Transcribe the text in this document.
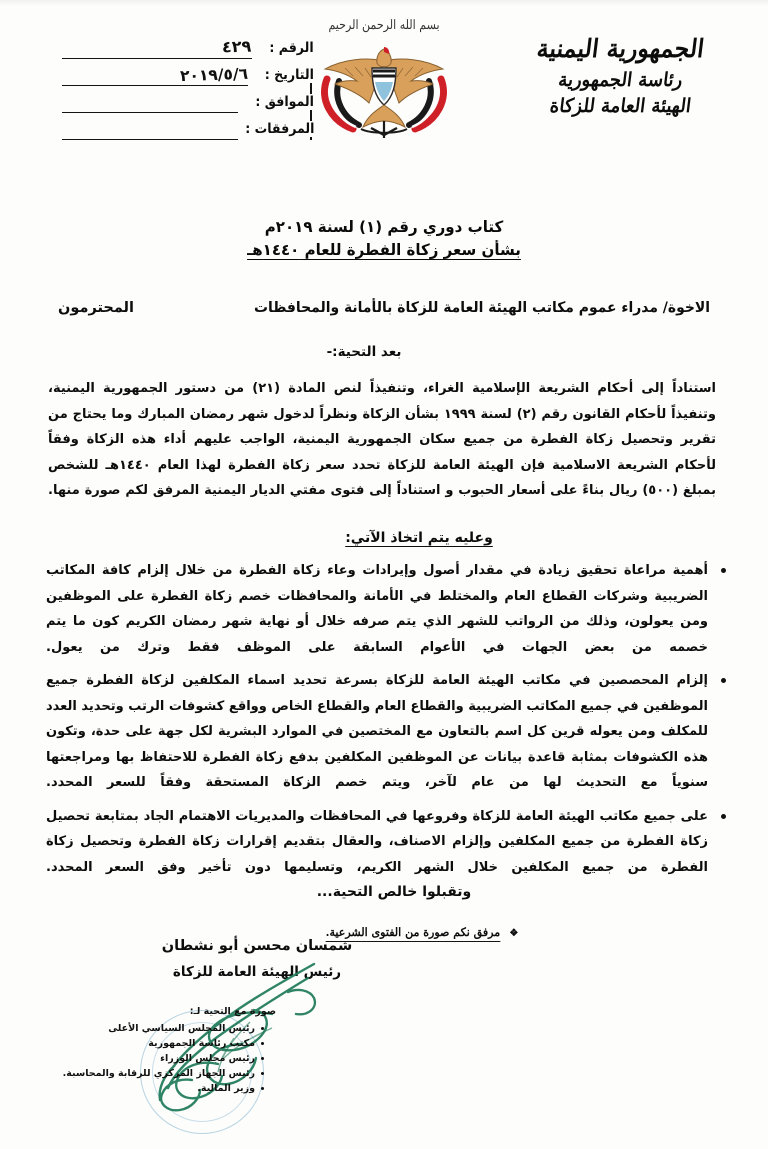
الرقم :
٤٢٩
التاريخ :
٢٠١٩/٥/٦
الموافق :
المرفقات :
بسم الله الرحمن الرحيم
الجمهورية اليمنية
رئاسة الجمهورية
الهيئة العامة للزكاة
كتاب دوري رقم (١) لسنة ٢٠١٩م
بشأن سعر زكاة الفطرة للعام ١٤٤٠هـ
الاخوة/ مدراء عموم مكاتب الهيئة العامة للزكاة بالأمانة والمحافظات
المحترمون
بعد التحية:-

استناداً إلى أحكام الشريعة الإسلامية الغراء، وتنفيذاً لنص المادة (٢١) من دستور الجمهورية اليمنية، وتنفيذاً لأحكام القانون رقم (٢) لسنة ١٩٩٩ بشأن الزكاة ونظراً لدخول شهر رمضان المبارك وما يحتاج من تقرير وتحصيل زكاة الفطرة من جميع سكان الجمهورية اليمنية، الواجب عليهم أداء هذه الزكاة وفقاً لأحكام الشريعة الاسلامية فإن الهيئة العامة للزكاة تحدد سعر زكاة الفطرة لهذا العام ١٤٤٠هـ للشخص بمبلغ (٥٠٠) ريال بناءً على أسعار الحبوب و استناداً إلى فتوى مفتي الديار اليمنية المرفق لكم صورة منها.

وعليه يتم اتخاذ الآتي:
أهمية مراعاة تحقيق زيادة في مقدار أصول وإيرادات وعاء زكاة الفطرة من خلال إلزام كافة المكاتب الضريبية وشركات القطاع العام والمختلط في الأمانة والمحافظات خصم زكاة الفطرة على الموظفين ومن يعولون، وذلك من الرواتب للشهر الذي يتم صرفه خلال أو نهاية شهر رمضان الكريم كون ما يتم خصمه من بعض الجهات في الأعوام السابقة على الموظف فقط وترك من يعول.
إلزام المحصصين في مكاتب الهيئة العامة للزكاة بسرعة تحديد اسماء المكلفين لزكاة الفطرة جميع الموظفين في جميع المكاتب الضريبية والقطاع العام والقطاع الخاص وواقع كشوفات الرتب وتحديد العدد للمكلف ومن يعوله قرين كل اسم بالتعاون مع المختصين في الموارد البشرية لكل جهة على حدة، وتكون هذه الكشوفات بمثابة قاعدة بيانات عن الموظفين المكلفين بدفع زكاة الفطرة للاحتفاظ بها ومراجعتها سنوياً مع التحديث لها من عام لآخر، ويتم خصم الزكاة المستحقة وفقاً للسعر المحدد.
على جميع مكاتب الهيئة العامة للزكاة وفروعها في المحافظات والمديريات الاهتمام الجاد بمتابعة تحصيل زكاة الفطرة من جميع المكلفين وإلزام الاصناف، والعقال بتقديم إقرارات زكاة الفطرة وتحصيل زكاة الفطرة من جميع المكلفين خلال الشهر الكريم، وتسليمها دون تأخير وفق السعر المحدد.
وتقبلوا خالص التحية...
❖
مرفق نكم صورة من الفتوى الشرعية.
شمسان محسن أبو نشطان
رئيس الهيئة العامة للزكاة
صورة مع التحية لـ:
رئيس المجلس السياسي الأعلى
مكتب رئاسة الجمهورية
رئيس مجلس الوزراء
رئيس الجهاز المركزي للرقابة والمحاسبة.
وزير المالية.
